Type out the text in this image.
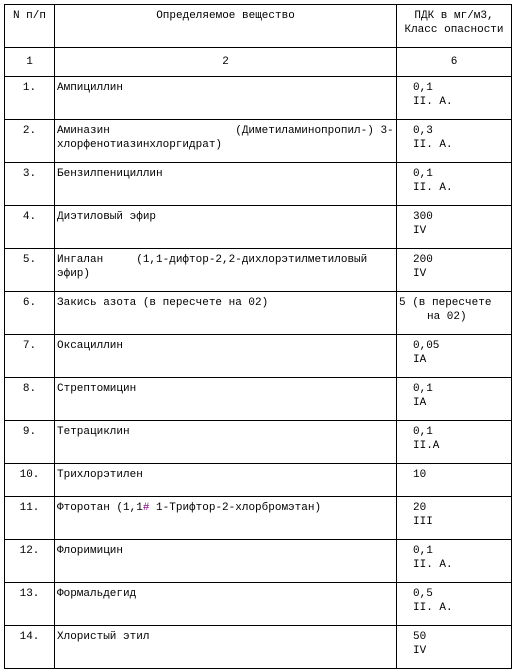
N п/п	Определяемое вещество	ПДК в мг/м3,
Класс опасности
1	2	6
1.	Ампициллин	0,1
II. А.

2.	Аминазин                   (Диметиламинопропил-) 3-хлорфенотиазинхлоргидрат)	0,3
II. А.

3.	Бензилпенициллин	0,1
II. А.

4.	Диэтиловый эфир	300
IV

5.	Ингалан     (1,1-дифтор-2,2-дихлорэтилметиловый эфир)	200
IV

6.	Закись азота (в пересчете на 02)	5 (в пересчете
на 02)

7.	Оксациллин	0,05
IА

8.	Стрептомицин	0,1
IА

9.	Тетрациклин	0,1
II.А

10.	Трихлорэтилен	10

11.	Фторотан (1,1# 1-Трифтор-2-хлорбромэтан)	20
III

12.	Флоримицин	0,1
II. А.

13.	Формальдегид	0,5
II. А.

14.	Хлористый этил	50
IV
